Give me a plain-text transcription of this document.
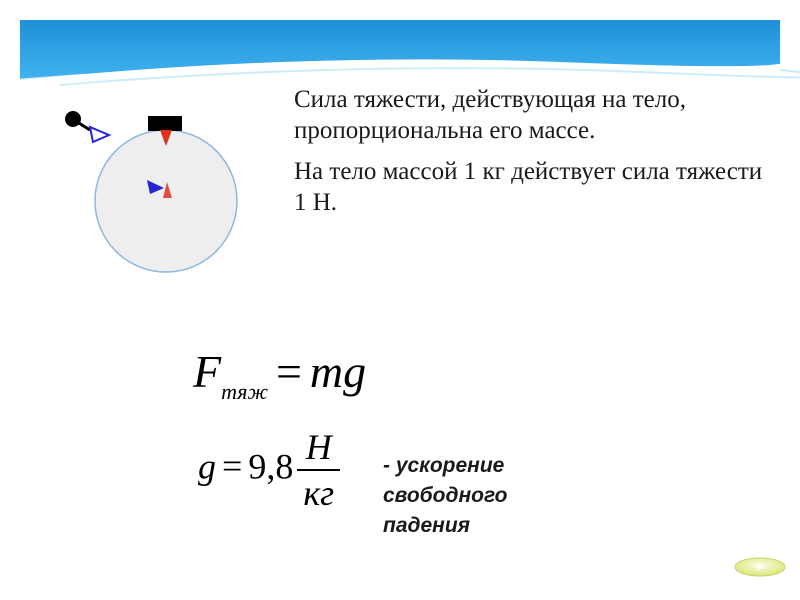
Сила тяжести, действующая на тело, пропорциональна его массе.

На тело массой 1 кг действует сила тяжести 1 Н.

$F_{тяж}$ = mg
$g = 9,8 \frac{Н}{кг}$ - ускорение
свободного
падения
